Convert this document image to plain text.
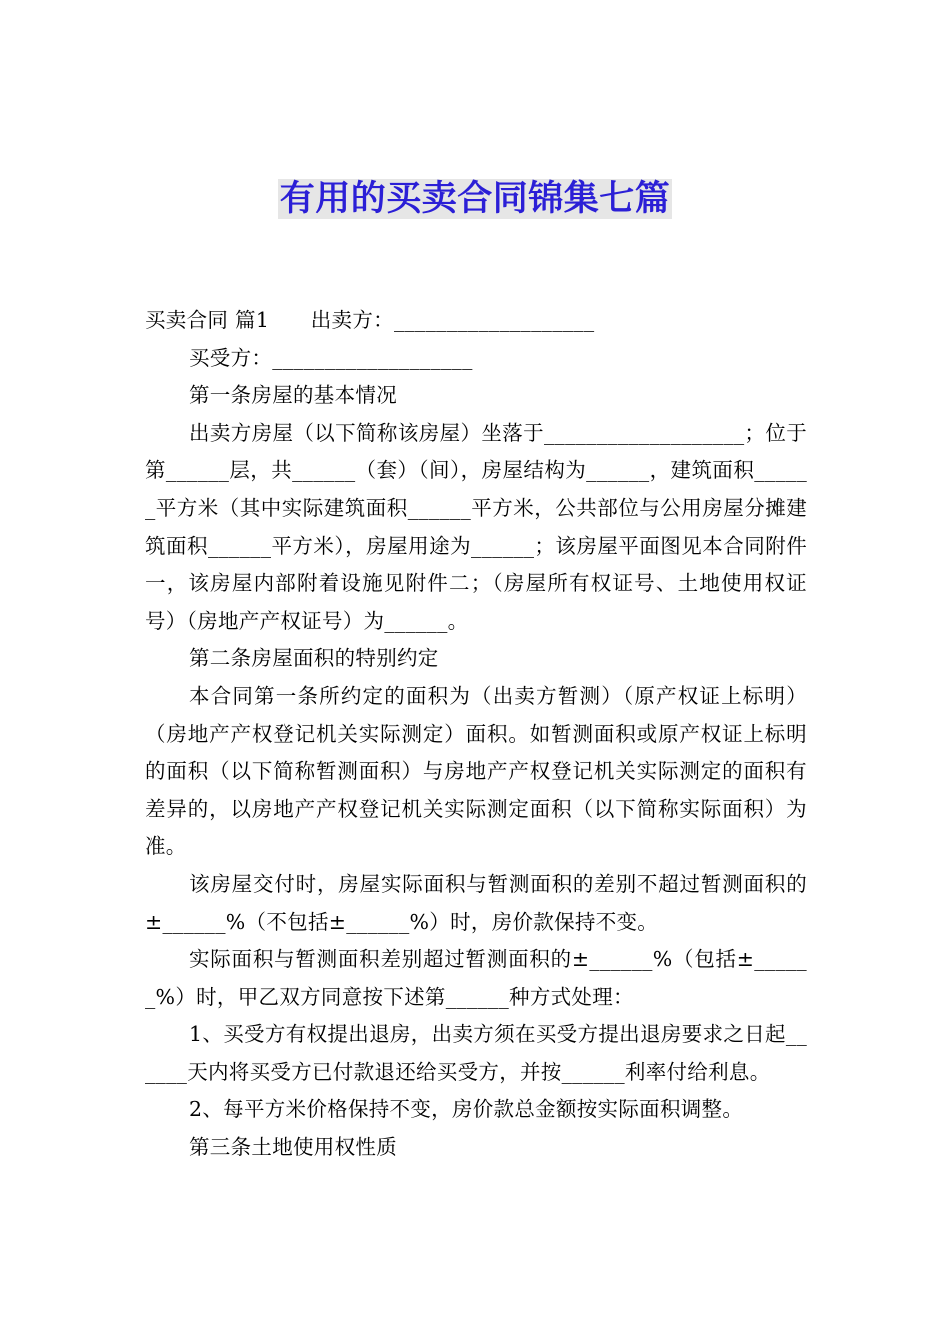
有用的买卖合同锦集七篇

买卖合同 篇1　　出卖方：___________________

买受方：___________________

第一条房屋的基本情况

出卖方房屋（以下简称该房屋）坐落于___________________；位于第______层，共______（套）（间），房屋结构为______，建筑面积______平方米（其中实际建筑面积______平方米，公共部位与公用房屋分摊建筑面积______平方米），房屋用途为______；该房屋平面图见本合同附件一，该房屋内部附着设施见附件二；（房屋所有权证号、土地使用权证号）（房地产产权证号）为______。

第二条房屋面积的特别约定

本合同第一条所约定的面积为（出卖方暂测）（原产权证上标明）（房地产产权登记机关实际测定）面积。如暂测面积或原产权证上标明的面积（以下简称暂测面积）与房地产产权登记机关实际测定的面积有差异的，以房地产产权登记机关实际测定面积（以下简称实际面积）为准。

该房屋交付时，房屋实际面积与暂测面积的差别不超过暂测面积的±______%（不包括±______%）时，房价款保持不变。

实际面积与暂测面积差别超过暂测面积的±______%（包括±______%）时，甲乙双方同意按下述第______种方式处理：

1、买受方有权提出退房，出卖方须在买受方提出退房要求之日起______天内将买受方已付款退还给买受方，并按______利率付给利息。

2、每平方米价格保持不变，房价款总金额按实际面积调整。

第三条土地使用权性质
